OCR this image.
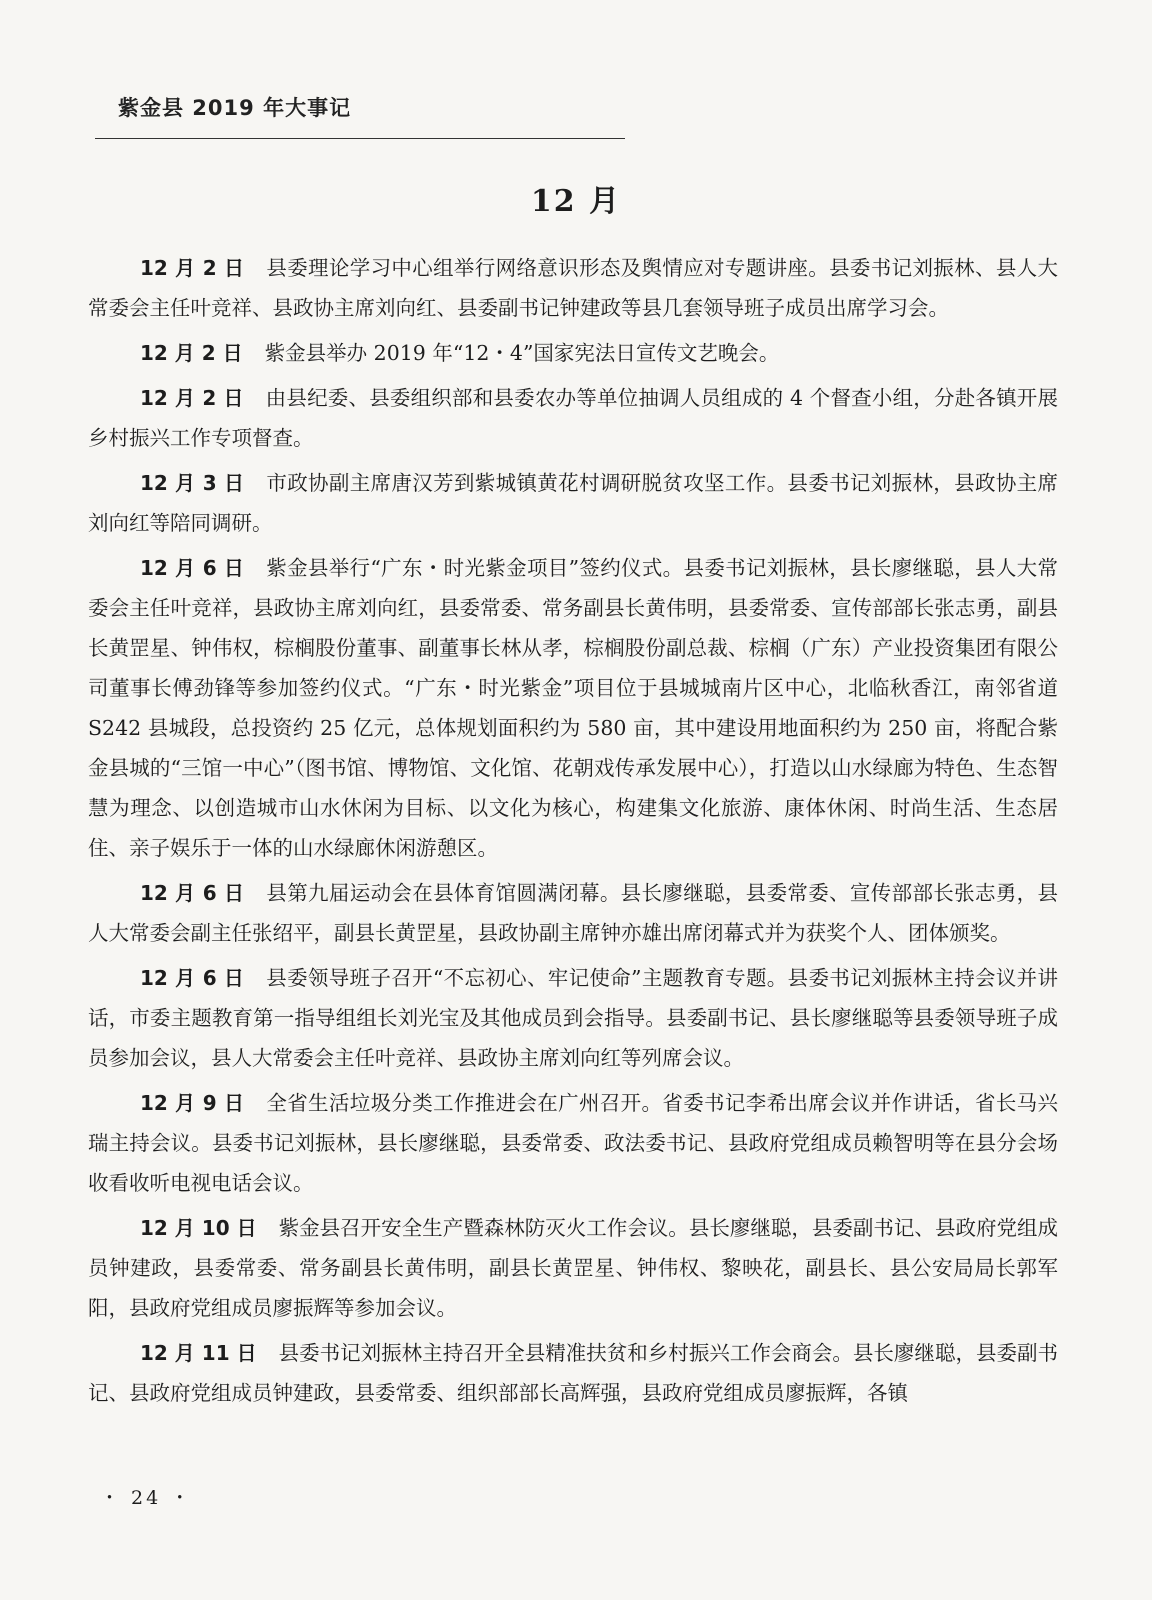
紫金县 2019 年大事记
12 月

12 月 2 日 县委理论学习中心组举行网络意识形态及舆情应对专题讲座。县委书记刘振林、县人大常委会主任叶竞祥、县政协主席刘向红、县委副书记钟建政等县几套领导班子成员出席学习会。

12 月 2 日 紫金县举办 2019 年“12・4”国家宪法日宣传文艺晚会。

12 月 2 日 由县纪委、县委组织部和县委农办等单位抽调人员组成的 4 个督查小组，分赴各镇开展乡村振兴工作专项督查。

12 月 3 日 市政协副主席唐汉芳到紫城镇黄花村调研脱贫攻坚工作。县委书记刘振林，县政协主席刘向红等陪同调研。

12 月 6 日 紫金县举行“广东・时光紫金项目”签约仪式。县委书记刘振林，县长廖继聪，县人大常委会主任叶竞祥，县政协主席刘向红，县委常委、常务副县长黄伟明，县委常委、宣传部部长张志勇，副县长黄罡星、钟伟权，棕榈股份董事、副董事长林从孝，棕榈股份副总裁、棕榈（广东）产业投资集团有限公司董事长傅劲锋等参加签约仪式。“广东・时光紫金”项目位于县城城南片区中心，北临秋香江，南邻省道 S242 县城段，总投资约 25 亿元，总体规划面积约为 580 亩，其中建设用地面积约为 250 亩，将配合紫金县城的“三馆一中心”（图书馆、博物馆、文化馆、花朝戏传承发展中心），打造以山水绿廊为特色、生态智慧为理念、以创造城市山水休闲为目标、以文化为核心，构建集文化旅游、康体休闲、时尚生活、生态居住、亲子娱乐于一体的山水绿廊休闲游憩区。

12 月 6 日 县第九届运动会在县体育馆圆满闭幕。县长廖继聪，县委常委、宣传部部长张志勇，县人大常委会副主任张绍平，副县长黄罡星，县政协副主席钟亦雄出席闭幕式并为获奖个人、团体颁奖。

12 月 6 日 县委领导班子召开“不忘初心、牢记使命”主题教育专题。县委书记刘振林主持会议并讲话，市委主题教育第一指导组组长刘光宝及其他成员到会指导。县委副书记、县长廖继聪等县委领导班子成员参加会议，县人大常委会主任叶竞祥、县政协主席刘向红等列席会议。

12 月 9 日 全省生活垃圾分类工作推进会在广州召开。省委书记李希出席会议并作讲话，省长马兴瑞主持会议。县委书记刘振林，县长廖继聪，县委常委、政法委书记、县政府党组成员赖智明等在县分会场收看收听电视电话会议。

12 月 10 日 紫金县召开安全生产暨森林防灭火工作会议。县长廖继聪，县委副书记、县政府党组成员钟建政，县委常委、常务副县长黄伟明，副县长黄罡星、钟伟权、黎映花，副县长、县公安局局长郭军阳，县政府党组成员廖振辉等参加会议。

12 月 11 日 县委书记刘振林主持召开全县精准扶贫和乡村振兴工作会商会。县长廖继聪，县委副书记、县政府党组成员钟建政，县委常委、组织部部长高辉强，县政府党组成员廖振辉，各镇

・ 24 ・
